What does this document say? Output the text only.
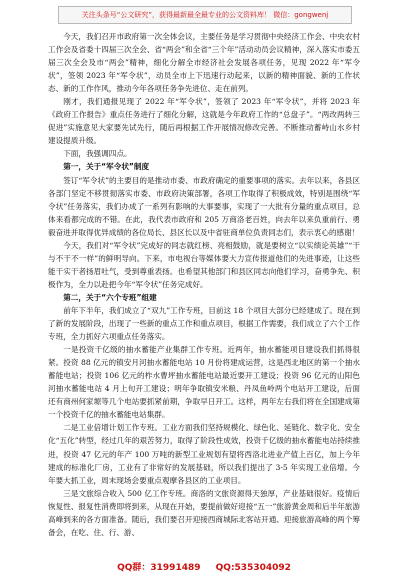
关注头条号“公文研究”，获得最新最全最专业的公文资料库！ 微信：gongwenj

今天，我们召开市政府第一次全体会议，主要任务是学习贯彻中央经济工作会、中央农村工作会及省委十四届三次全会、省“两会”和全省“三个年”活动动员会议精神，深入落实市委五届三次全会及市“两会”精神，细化分解全市经济社会发展各项任务，见现 2022 年“军令状”，签领 2023 年“军令状”，动员全市上下迅速行动起来，以新的精神面貌、新的工作状态、新的工作作风，推动今年各项任务争先进位、走在前列。

刚才，我们通报见现了 2022 年“军令状”，签领了 2023 年“军令状”，并将 2023 年《政府工作报告》重点任务进行了细化分解，这就是今年政府工作的“总盘子”。“两改两转三促进”实施意见大家要先试先行，随后再根据工作开展情况修改完善。不断推动蓄峙山水乡村建设提质升级。

下面，我强调四点。

第一，关于“军令状”制度

签订“军令状”的主要目的是推动市委、市政府确定的重要事项的落实。去年以来，各县区各部门坚定不移贯彻落实市委、市政府决策部署，各项工作取得了积极成效，特别是围绕“军令状”任务落实，我们办成了一系列有影响的大事要事，实现了一大批有分量的重点项目，总体来看都完成的不错。在此，我代表市政府和 205 万商洛老百姓，向去年以来负重前行、勇毅奋进并取得优异成绩的各位局长、县区长以及中省驻商单位负责同志们，表示衷心的感谢！

今天，我们对“军令状”完成好的同志就红榜、亮相鼓励，就是要树立“以实绩论英雄”“干与不干不一样”的鲜明导向。下来，市电视台等媒体要大力宣传报道他们的先进事迹，让这些能干实干者扬眉吐气，受到尊重表扬。也希望其他部门和县区同志向他们学习，奋勇争先、积极作为，全力以赴把今年“军令状”任务完成好。

第二，关于“六个专班”组建

前年下半年，我们成立了“双九”工作专班，目前这 18 个项目大部分已经建成了。现在到了新的发展阶段，出现了一些新的重点工作和重点项目，根据工作需要，我们成立了六个工作专班，全力抓好六项重点任务落实。

一是投资千亿级的抽水蓄能产业集群工作专班。近两年，抽水蓄能项目建设我们抓得很紧。投资 88 亿元的镇安月河抽水蓄能电站 10 月份将建成运营，这是西北地区的第一个抽水蓄能电站；投资 106 亿元的柞水曹坪抽水蓄能电站最近要开工建设；投资 96 亿元的山阳色河抽水蓄能电站 4 月上旬开工建设；明年争取镇安米粮、丹凤鱼岭两个电站开工建设，后面还有商州何家塬等几个电站要抓紧前期，争取早日开工。这样，两年左右我们将在全国建成第一个投资千亿的抽水蓄能电站集群。

二是工业倍增计划工作专班。工业方面我们坚持规模化、绿色化、延链化、数字化、安全化“五化”转型，经过几年的艰苦努力，取得了阶段性成效，投资千亿级的抽水蓄能电站持续推进，投资 47 亿元的年产 100 万吨的新型工业规划有望将西洛北进业产值上百亿，加上今年建成的标准化厂房，工业有了非常好的发展基础，所以我们提出了 3-5 年实现工业倍增。今年要大抓工业，周末现场会要重点观摩各县区的工业项目。

三是文旅综合收入 500 亿工作专班。商洛的文旅资源得天独厚，产业基础很好。疫情后恢复性、报复性消费即将到来，从现在开始，要提前做好迎接“五一”旅游黄金周和后半年旅游高峰到来的各方面准备。随后，我们要召开迎接西商城际北客站开通、迎接旅游高峰的两个筹备会，在吃、住、行、游、

QQ群：31991489 QQ:535304092
